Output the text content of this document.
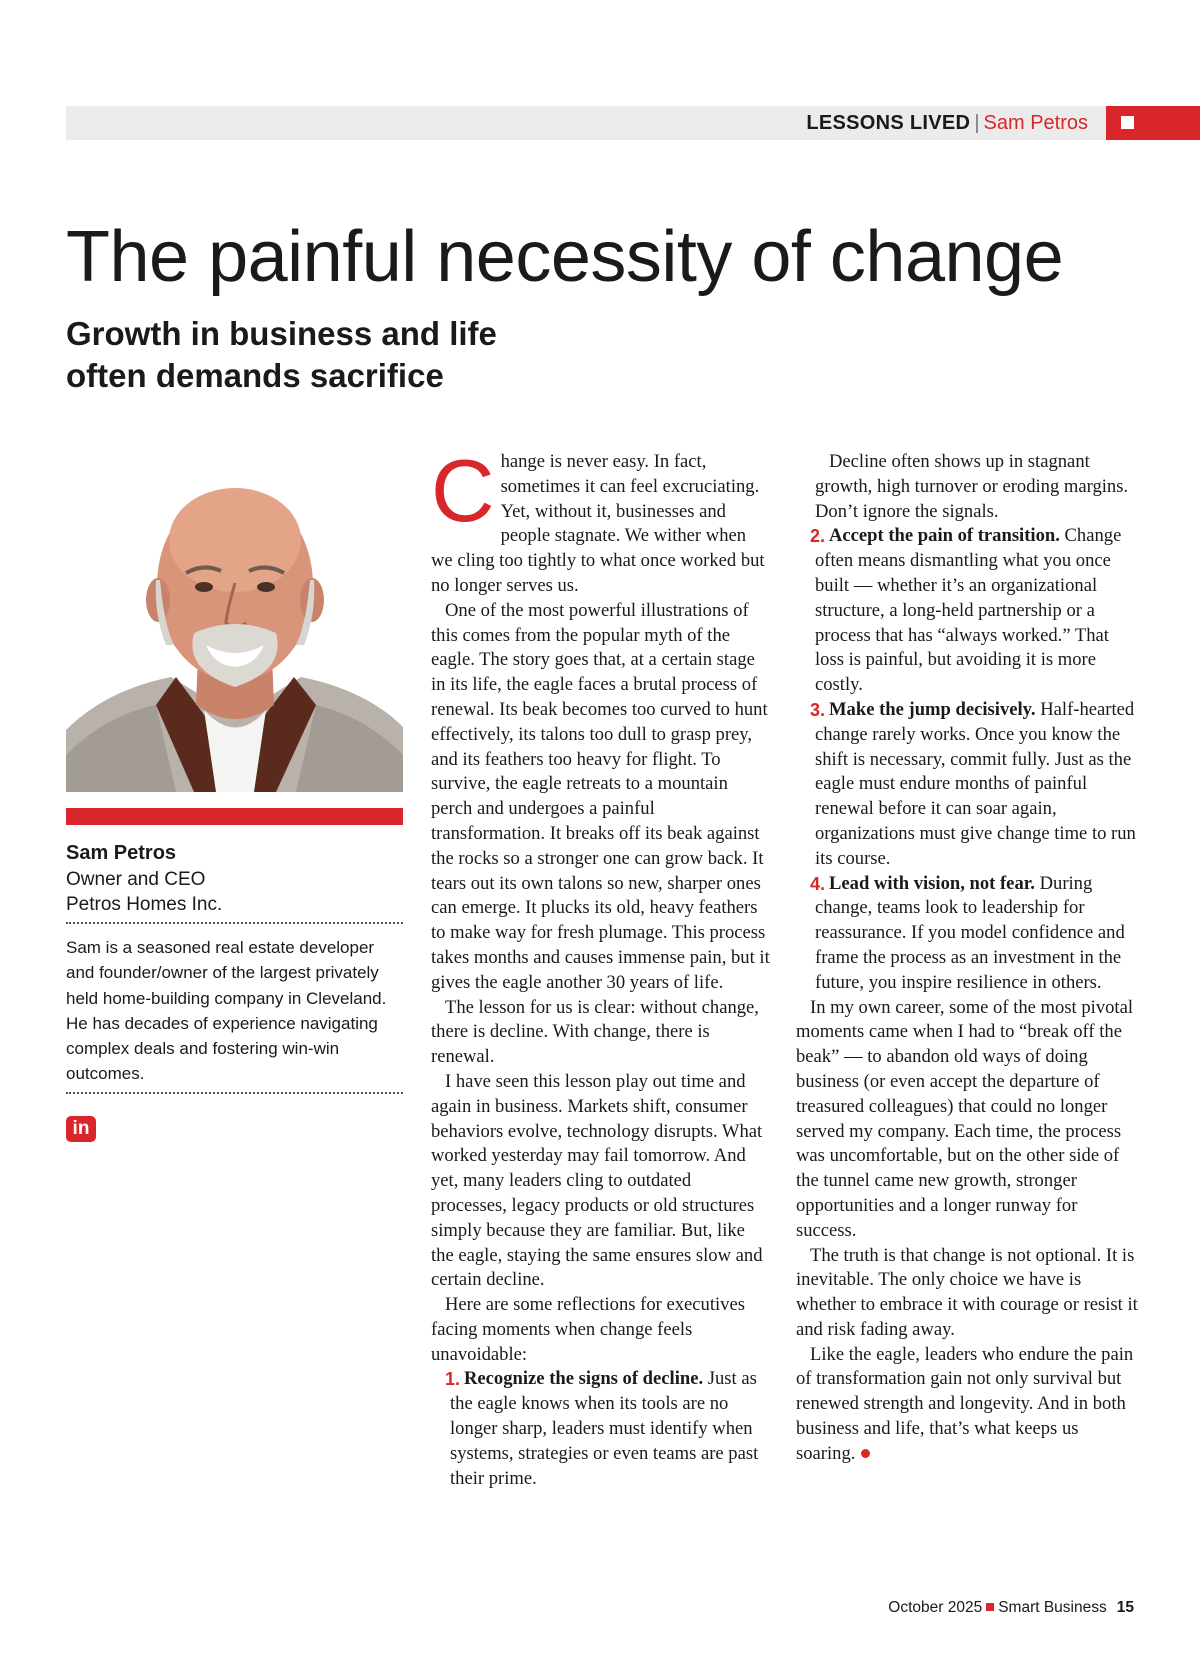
LESSONS LIVED | Sam Petros
The painful necessity of change
Growth in business and life
often demands sacrifice
Sam Petros
Owner and CEO
Petros Homes Inc.
Sam is a seasoned real estate developer and founder/owner of the largest privately held home-building company in Cleveland. He has decades of experience navigating complex deals and fostering win-win outcomes.
in

Change is never easy. In fact, sometimes it can feel excruciating. Yet, without it, businesses and people stagnate. We wither when we cling too tightly to what once worked but no longer serves us.

One of the most powerful illustrations of this comes from the popular myth of the eagle. The story goes that, at a certain stage in its life, the eagle faces a brutal process of renewal. Its beak becomes too curved to hunt effectively, its talons too dull to grasp prey, and its feathers too heavy for flight. To survive, the eagle retreats to a mountain perch and undergoes a painful transformation. It breaks off its beak against the rocks so a stronger one can grow back. It tears out its own talons so new, sharper ones can emerge. It plucks its old, heavy feathers to make way for fresh plumage. This process takes months and causes immense pain, but it gives the eagle another 30 years of life.

The lesson for us is clear: without change, there is decline. With change, there is renewal.

I have seen this lesson play out time and again in business. Markets shift, consumer behaviors evolve, technology disrupts. What worked yesterday may fail tomorrow. And yet, many leaders cling to outdated processes, legacy products or old structures simply because they are familiar. But, like the eagle, staying the same ensures slow and certain decline.

Here are some reflections for executives facing moments when change feels unavoidable:

1. Recognize the signs of decline. Just as the eagle knows when its tools are no longer sharp, leaders must identify when systems, strategies or even teams are past their prime.

Decline often shows up in stagnant growth, high turnover or eroding margins. Don’t ignore the signals.

2. Accept the pain of transition. Change often means dismantling what you once built — whether it’s an organizational structure, a long-held partnership or a process that has “always worked.” That loss is painful, but avoiding it is more costly.

3. Make the jump decisively. Half-hearted change rarely works. Once you know the shift is necessary, commit fully. Just as the eagle must endure months of painful renewal before it can soar again, organizations must give change time to run its course.

4. Lead with vision, not fear. During change, teams look to leadership for reassurance. If you model confidence and frame the process as an investment in the future, you inspire resilience in others.

In my own career, some of the most pivotal moments came when I had to “break off the beak” — to abandon old ways of doing business (or even accept the departure of treasured colleagues) that could no longer served my company. Each time, the process was uncomfortable, but on the other side of the tunnel came new growth, stronger opportunities and a longer runway for success.

The truth is that change is not optional. It is inevitable. The only choice we have is whether to embrace it with courage or resist it and risk fading away.

Like the eagle, leaders who endure the pain of transformation gain not only survival but renewed strength and longevity. And in both business and life, that’s what keeps us soaring.

October 2025 Smart Business 15
